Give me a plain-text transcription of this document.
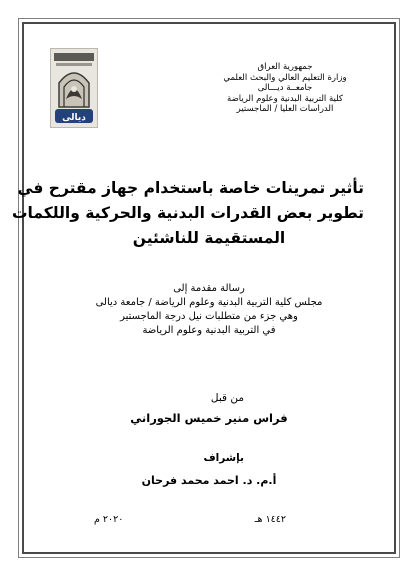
ديالى
جمهورية العراق
وزارة التعليم العالي والبحث العلمي
جامعــة ديـــالى
كلية التربية البدنية وعلوم الرياضة
الدراسات العليا / الماجستير
تأثير تمرينات خاصة باستخدام جهاز مقترح في
تطوير بعض القدرات البدنية والحركية واللكمات
المستقيمة للناشئين
رسالة مقدمة إلى
مجلس كلية التربية البدنية وعلوم الرياضة / جامعة ديالى
وهي جزء من متطلبات نيل درجة الماجستير
في التربية البدنية وعلوم الرياضة
من قبل
فراس منير خميس الجوراني
بإشراف
أ.م. د. احمد محمد فرحان
١٤٤٢ هـ
٢٠٢٠ م
